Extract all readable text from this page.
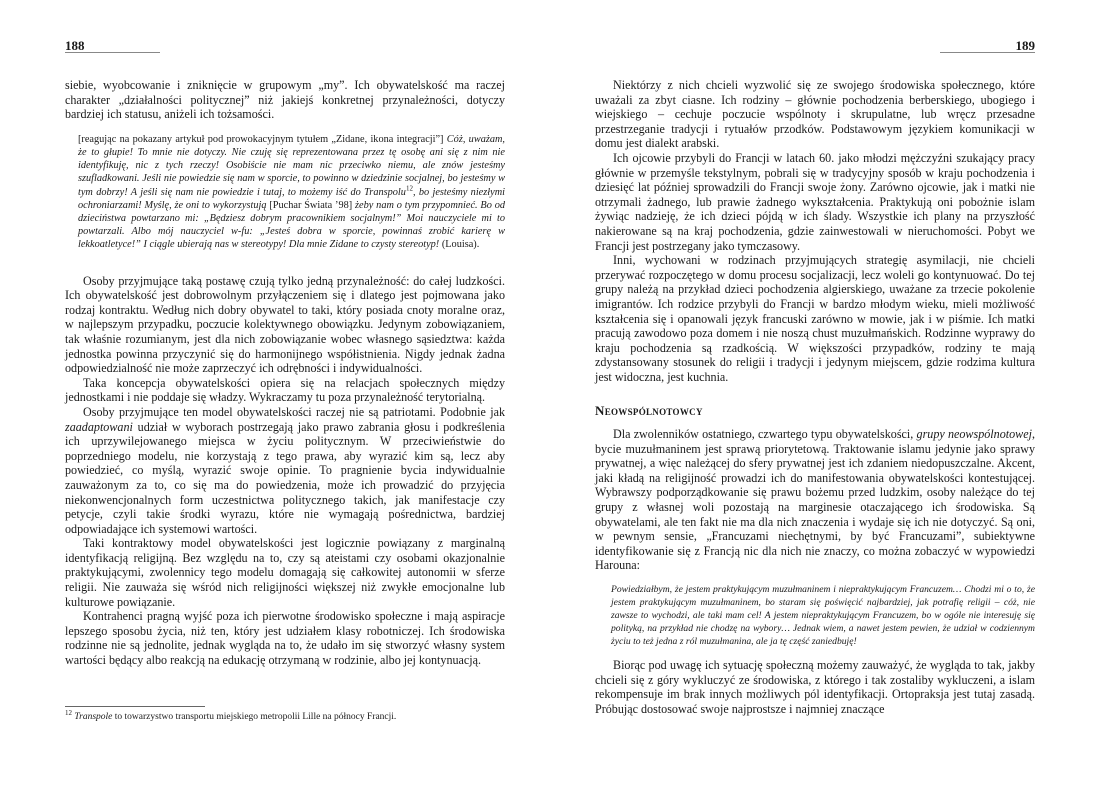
188

siebie, wyobcowanie i zniknięcie w grupowym „my”. Ich obywatelskość ma raczej charakter „działalności politycznej” niż jakiejś konkretnej przynależności, dotyczy bardziej ich statusu, aniżeli ich tożsamości.

[reagując na pokazany artykuł pod prowokacyjnym tytułem „Zidane, ikona integracji”] Cóż, uważam, że to głupie! To mnie nie dotyczy. Nie czuję się reprezentowana przez tę osobę ani się z nim nie identyfikuję, nic z tych rzeczy! Osobiście nie mam nic przeciwko niemu, ale znów jesteśmy szufladkowani. Jeśli nie powiedzie się nam w sporcie, to powinno w dziedzinie socjalnej, bo jesteśmy w tym dobrzy! A jeśli się nam nie powiedzie i tutaj, to możemy iść do Transpolu$^{12}$, bo jesteśmy niezłymi ochroniarzami! Myślę, że oni to wykorzystują [Puchar Świata ’98] żeby nam o tym przypomnieć. Bo od dzieciństwa powtarzano mi: „Będziesz dobrym pracownikiem socjalnym!” Moi nauczyciele mi to powtarzali. Albo mój nauczyciel w-fu: „Jesteś dobra w sporcie, powinnaś zrobić karierę w lekkoatletyce!” I ciągle ubierają nas w stereotypy! Dla mnie Zidane to czysty stereotyp! (Louisa).

Osoby przyjmujące taką postawę czują tylko jedną przynależność: do całej ludzkości. Ich obywatelskość jest dobrowolnym przyłączeniem się i dlatego jest pojmowana jako rodzaj kontraktu. Według nich dobry obywatel to taki, który posiada cnoty moralne oraz, w najlepszym przypadku, poczucie kolektywnego obowiązku. Jedynym zobowiązaniem, tak właśnie rozumianym, jest dla nich zobowiązanie wobec własnego sąsiedztwa: każda jednostka powinna przyczynić się do harmonijnego współistnienia. Nigdy jednak żadna odpowiedzialność nie może zaprzeczyć ich odrębności i indywidualności.

Taka koncepcja obywatelskości opiera się na relacjach społecznych między jednostkami i nie poddaje się władzy. Wykraczamy tu poza przynależność terytorialną.

Osoby przyjmujące ten model obywatelskości raczej nie są patriotami. Podobnie jak zaadaptowani udział w wyborach postrzegają jako prawo zabrania głosu i podkreślenia ich uprzywilejowanego miejsca w życiu politycznym. W przeciwieństwie do poprzedniego modelu, nie korzystają z tego prawa, aby wyrazić kim są, lecz aby powiedzieć, co myślą, wyrazić swoje opinie. To pragnienie bycia indywidualnie zauważonym za to, co się ma do powiedzenia, może ich prowadzić do przyjęcia niekonwencjonalnych form uczestnictwa politycznego takich, jak manifestacje czy petycje, czyli takie środki wyrazu, które nie wymagają pośrednictwa, bardziej odpowiadające ich systemowi wartości.

Taki kontraktowy model obywatelskości jest logicznie powiązany z marginalną identyfikacją religijną. Bez względu na to, czy są ateistami czy osobami okazjonalnie praktykującymi, zwolennicy tego modelu domagają się całkowitej autonomii w sferze religii. Nie zauważa się wśród nich religijności większej niż zwykłe emocjonalne lub kulturowe powiązanie.

Kontrahenci pragną wyjść poza ich pierwotne środowisko społeczne i mają aspiracje lepszego sposobu życia, niż ten, który jest udziałem klasy robotniczej. Ich środowiska rodzinne nie są jednolite, jednak wygląda na to, że udało im się stworzyć własny system wartości będący albo reakcją na edukację otrzymaną w rodzinie, albo jej kontynuacją.

$^{12}$ Transpole to towarzystwo transportu miejskiego metropolii Lille na północy Francji.
189

Niektórzy z nich chcieli wyzwolić się ze swojego środowiska społecznego, które uważali za zbyt ciasne. Ich rodziny – głównie pochodzenia berberskiego, ubogiego i wiejskiego – cechuje poczucie wspólnoty i skrupulatne, lub wręcz przesadne przestrzeganie tradycji i rytuałów przodków. Podstawowym językiem komunikacji w domu jest dialekt arabski.

Ich ojcowie przybyli do Francji w latach 60. jako młodzi mężczyźni szukający pracy głównie w przemyśle tekstylnym, pobrali się w tradycyjny sposób w kraju pochodzenia i dziesięć lat później sprowadzili do Francji swoje żony. Zarówno ojcowie, jak i matki nie otrzymali żadnego, lub prawie żadnego wykształcenia. Praktykują oni pobożnie islam żywiąc nadzieję, że ich dzieci pójdą w ich ślady. Wszystkie ich plany na przyszłość nakierowane są na kraj pochodzenia, gdzie zainwestowali w nieruchomości. Pobyt we Francji jest postrzegany jako tymczasowy.

Inni, wychowani w rodzinach przyjmujących strategię asymilacji, nie chcieli przerywać rozpoczętego w domu procesu socjalizacji, lecz woleli go kontynuować. Do tej grupy należą na przykład dzieci pochodzenia algierskiego, uważane za trzecie pokolenie imigrantów. Ich rodzice przybyli do Francji w bardzo młodym wieku, mieli możliwość kształcenia się i opanowali język francuski zarówno w mowie, jak i w piśmie. Ich matki pracują zawodowo poza domem i nie noszą chust muzułmańskich. Rodzinne wyprawy do kraju pochodzenia są rzadkością. W większości przypadków, rodziny te mają zdystansowany stosunek do religii i tradycji i jedynym miejscem, gdzie rodzima kultura jest widoczna, jest kuchnia.

Neowspólnotowcy

Dla zwolenników ostatniego, czwartego typu obywatelskości, grupy neowspólnotowej, bycie muzułmaninem jest sprawą priorytetową. Traktowanie islamu jedynie jako sprawy prywatnej, a więc należącej do sfery prywatnej jest ich zdaniem niedopuszczalne. Akcent, jaki kładą na religijność prowadzi ich do manifestowania obywatelskości kontestującej. Wybrawszy podporządkowanie się prawu bożemu przed ludzkim, osoby należące do tej grupy z własnej woli pozostają na marginesie otaczającego ich środowiska. Są obywatelami, ale ten fakt nie ma dla nich znaczenia i wydaje się ich nie dotyczyć. Są oni, w pewnym sensie, „Francuzami niechętnymi, by być Francuzami”, subiektywne identyfikowanie się z Francją nic dla nich nie znaczy, co można zobaczyć w wypowiedzi Harouna:

Powiedziałbym, że jestem praktykującym muzułmaninem i niepraktykującym Francuzem… Chodzi mi o to, że jestem praktykującym muzułmaninem, bo staram się poświęcić najbardziej, jak potrafię religii – cóż, nie zawsze to wychodzi, ale taki mam cel! A jestem niepraktykującym Francuzem, bo w ogóle nie interesuję się polityką, na przykład nie chodzę na wybory… Jednak wiem, a nawet jestem pewien, że udział w codziennym życiu to też jedna z ról muzułmanina, ale ja tę część zaniedbuję!

Biorąc pod uwagę ich sytuację społeczną możemy zauważyć, że wygląda to tak, jakby chcieli się z góry wykluczyć ze środowiska, z którego i tak zostaliby wykluczeni, a islam rekompensuje im brak innych możliwych pól identyfikacji. Ortopraksja jest tutaj zasadą. Próbując dostosować swoje najprostsze i najmniej znaczące
